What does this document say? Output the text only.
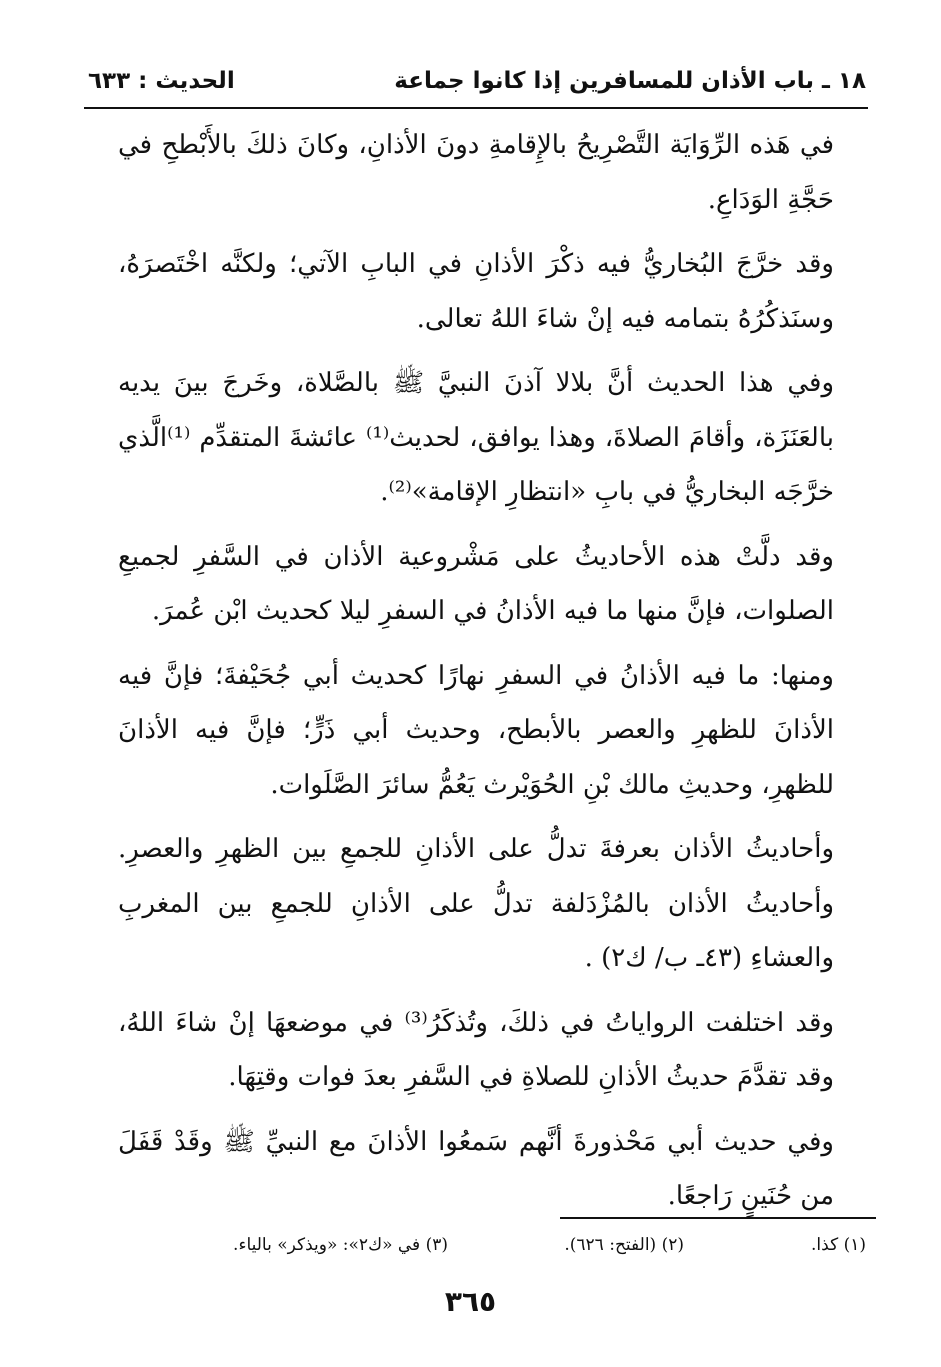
١٨ ـ باب الأذان للمسافرين إذا كانوا جماعة
الحديث : ٦٣٣

في هَذه الرِّوَايَة التَّصْرِيحُ بالإِقامةِ دونَ الأذانِ، وكانَ ذلكَ بالأَبْطحِ في حَجَّةِ الوَدَاعِ.

وقد خرَّجَ البُخاريُّ فيه ذكْرَ الأذانِ في البابِ الآتي؛ ولكنَّه اخْتَصرَهُ، وسنَذكُرُهُ بتمامه فيه إنْ شاءَ اللهُ تعالى.

وفي هذا الحديث أنَّ بلالا آذنَ النبيَّ ﷺ بالصَّلاة، وخَرجَ بينَ يديه بالعَنَزَة، وأقامَ الصلاةَ، وهذا يوافق، لحديث⁽¹⁾ عائشةَ المتقدِّم ⁽¹⁾الَّذي خرَّجَه البخاريُّ في بابِ «انتظارِ الإقامة»⁽²⁾.

وقد دلَّتْ هذه الأحاديثُ على مَشْروعية الأذان في السَّفرِ لجميعِ الصلوات، فإنَّ منها ما فيه الأذانُ في السفرِ ليلا كحديث ابْن عُمرَ.

ومنها: ما فيه الأذانُ في السفرِ نهارًا كحديث أبي جُحَيْفةَ؛ فإنَّ فيه الأذانَ للظهرِ والعصر بالأبطح، وحديث أبي ذَرٍّ؛ فإنَّ فيه الأذانَ للظهرِ، وحديثِ مالك بْنِ الحُوَيْرث يَعُمُّ سائرَ الصَّلَوات.

وأحاديثُ الأذان بعرفةَ تدلُّ على الأذانِ للجمعِ بين الظهرِ والعصرِ. وأحاديثُ الأذان بالمُزْدَلفة تدلُّ على الأذانِ للجمعِ بين المغربِ والعشاءِ (٤٣ـ ب/ ك٢) .

وقد اختلفت الرواياتُ في ذلكَ، وتُذكَرُ⁽³⁾ في موضعهَا إنْ شاءَ اللهُ، وقد تقدَّمَ حديثُ الأذانِ للصلاةِ في السَّفرِ بعدَ فوات وقتِهَا.

وفي حديث أبي مَحْذورةَ أنَّهم سَمعُوا الأذانَ مع النبيِّ ﷺ وقَدْ قَفَلَ من حُنَينٍ رَاجعًا.

(١) كذا.
(٢) (الفتح: ٦٢٦).
(٣) في «ك٢»: «ويذكر» بالياء.
٣٦٥
